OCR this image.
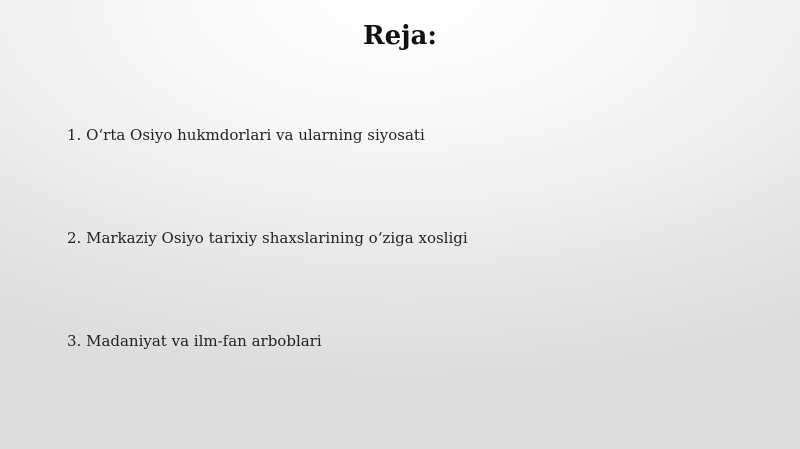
Reja:

1. O‘rta Osiyo hukmdorlari va ularning siyosati

2. Markaziy Osiyo tarixiy shaxslarining o‘ziga xosligi

3. Madaniyat va ilm-fan arboblari
